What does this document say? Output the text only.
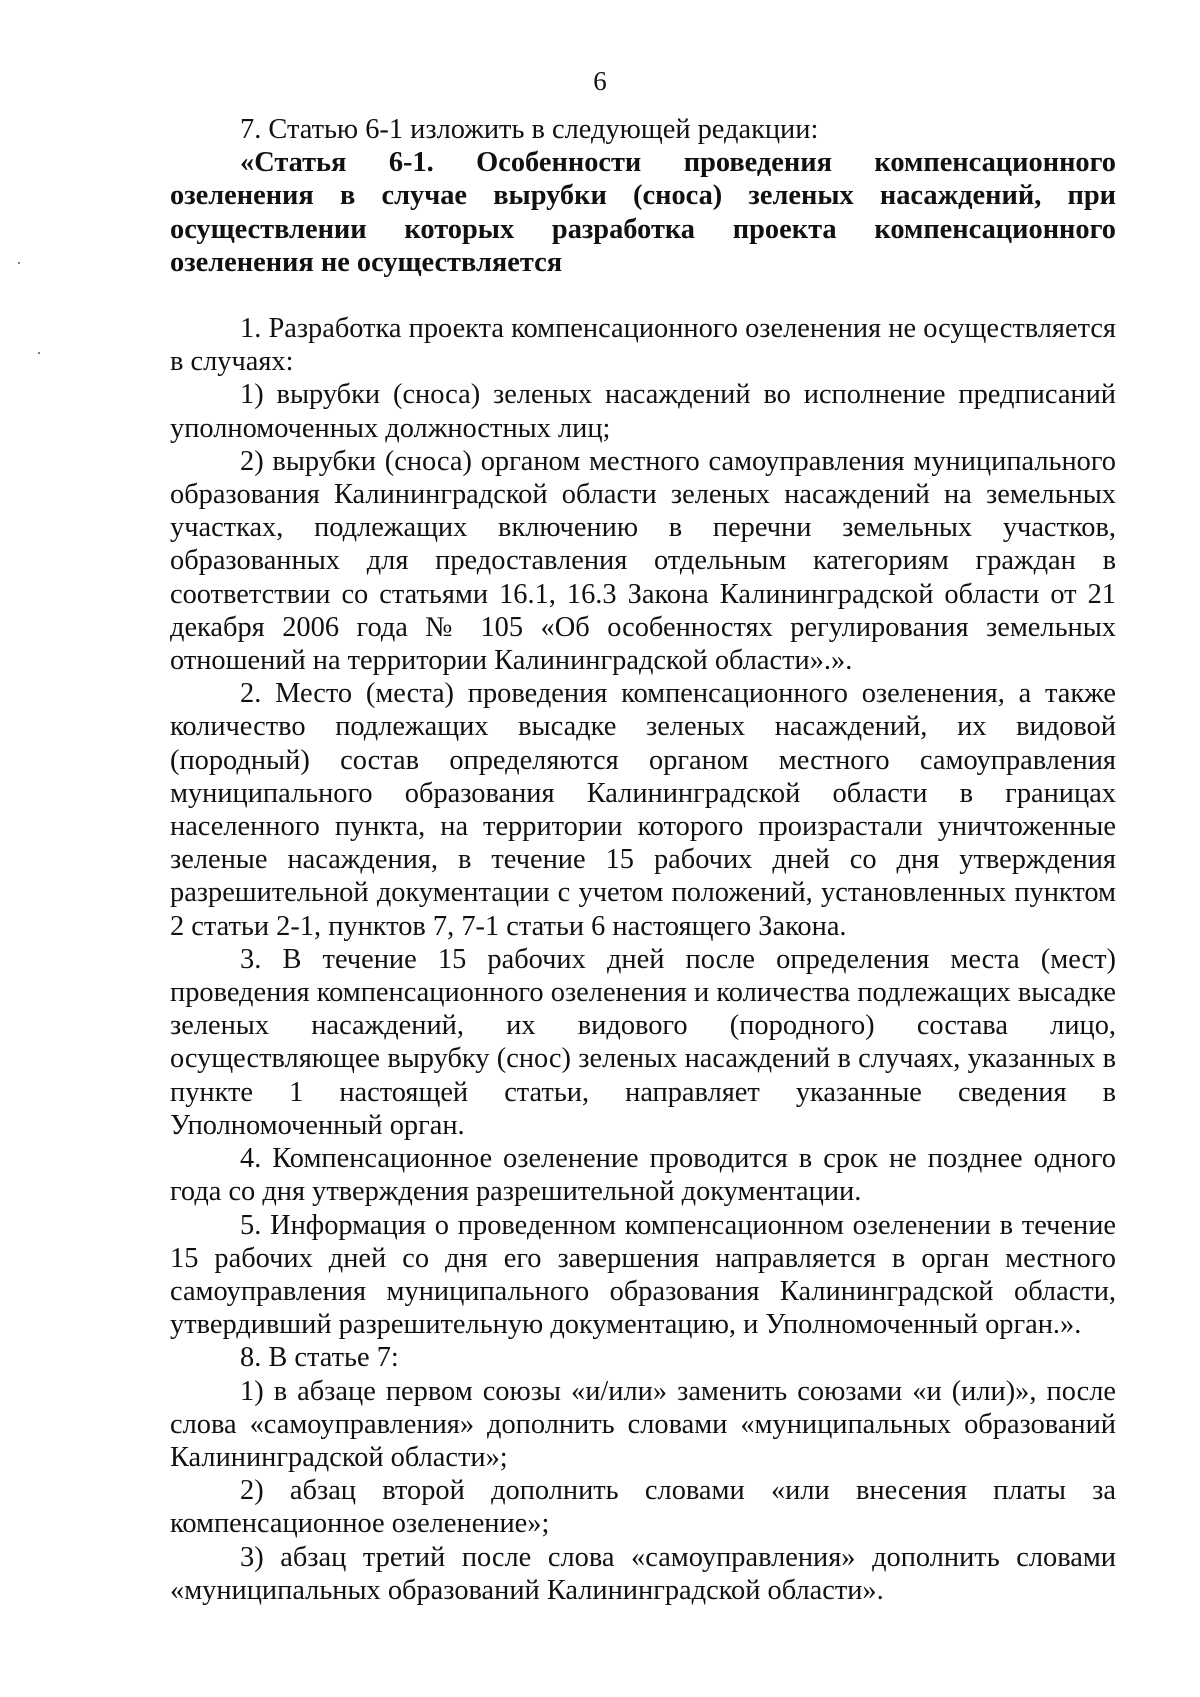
6

7. Статью 6-1 изложить в следующей редакции:

«Статья 6-1. Особенности проведения компенсационного озеленения в случае вырубки (сноса) зеленых насаждений, при осуществлении которых разработка проекта компенсационного озеленения не осуществляется

1. Разработка проекта компенсационного озеленения не осуществляется в случаях:

1) вырубки (сноса) зеленых насаждений во исполнение предписаний уполномоченных должностных лиц;

2) вырубки (сноса) органом местного самоуправления муниципального образования Калининградской области зеленых насаждений на земельных участках, подлежащих включению в перечни земельных участков, образованных для предоставления отдельным категориям граждан в соответствии со статьями 16.1, 16.3 Закона Калининградской области от 21 декабря 2006 года № 105 «Об особенностях регулирования земельных отношений на территории Калининградской области».».

2. Место (места) проведения компенсационного озеленения, а также количество подлежащих высадке зеленых насаждений, их видовой (породный) состав определяются органом местного самоуправления муниципального образования Калининградской области в границах населенного пункта, на территории которого произрастали уничтоженные зеленые насаждения, в течение 15 рабочих дней со дня утверждения разрешительной документации с учетом положений, установленных пунктом 2 статьи 2-1, пунктов 7, 7-1 статьи 6 настоящего Закона.

3. В течение 15 рабочих дней после определения места (мест) проведения компенсационного озеленения и количества подлежащих высадке зеленых насаждений, их видового (породного) состава лицо, осуществляющее вырубку (снос) зеленых насаждений в случаях, указанных в пункте 1 настоящей статьи, направляет указанные сведения в Уполномоченный орган.

4. Компенсационное озеленение проводится в срок не позднее одного года со дня утверждения разрешительной документации.

5. Информация о проведенном компенсационном озеленении в течение 15 рабочих дней со дня его завершения направляется в орган местного самоуправления муниципального образования Калининградской области, утвердивший разрешительную документацию, и Уполномоченный орган.».

8. В статье 7:

1) в абзаце первом союзы «и/или» заменить союзами «и (или)», после слова «самоуправления» дополнить словами «муниципальных образований Калининградской области»;

2) абзац второй дополнить словами «или внесения платы за компенсационное озеленение»;

3) абзац третий после слова «самоуправления» дополнить словами «муниципальных образований Калининградской области».
